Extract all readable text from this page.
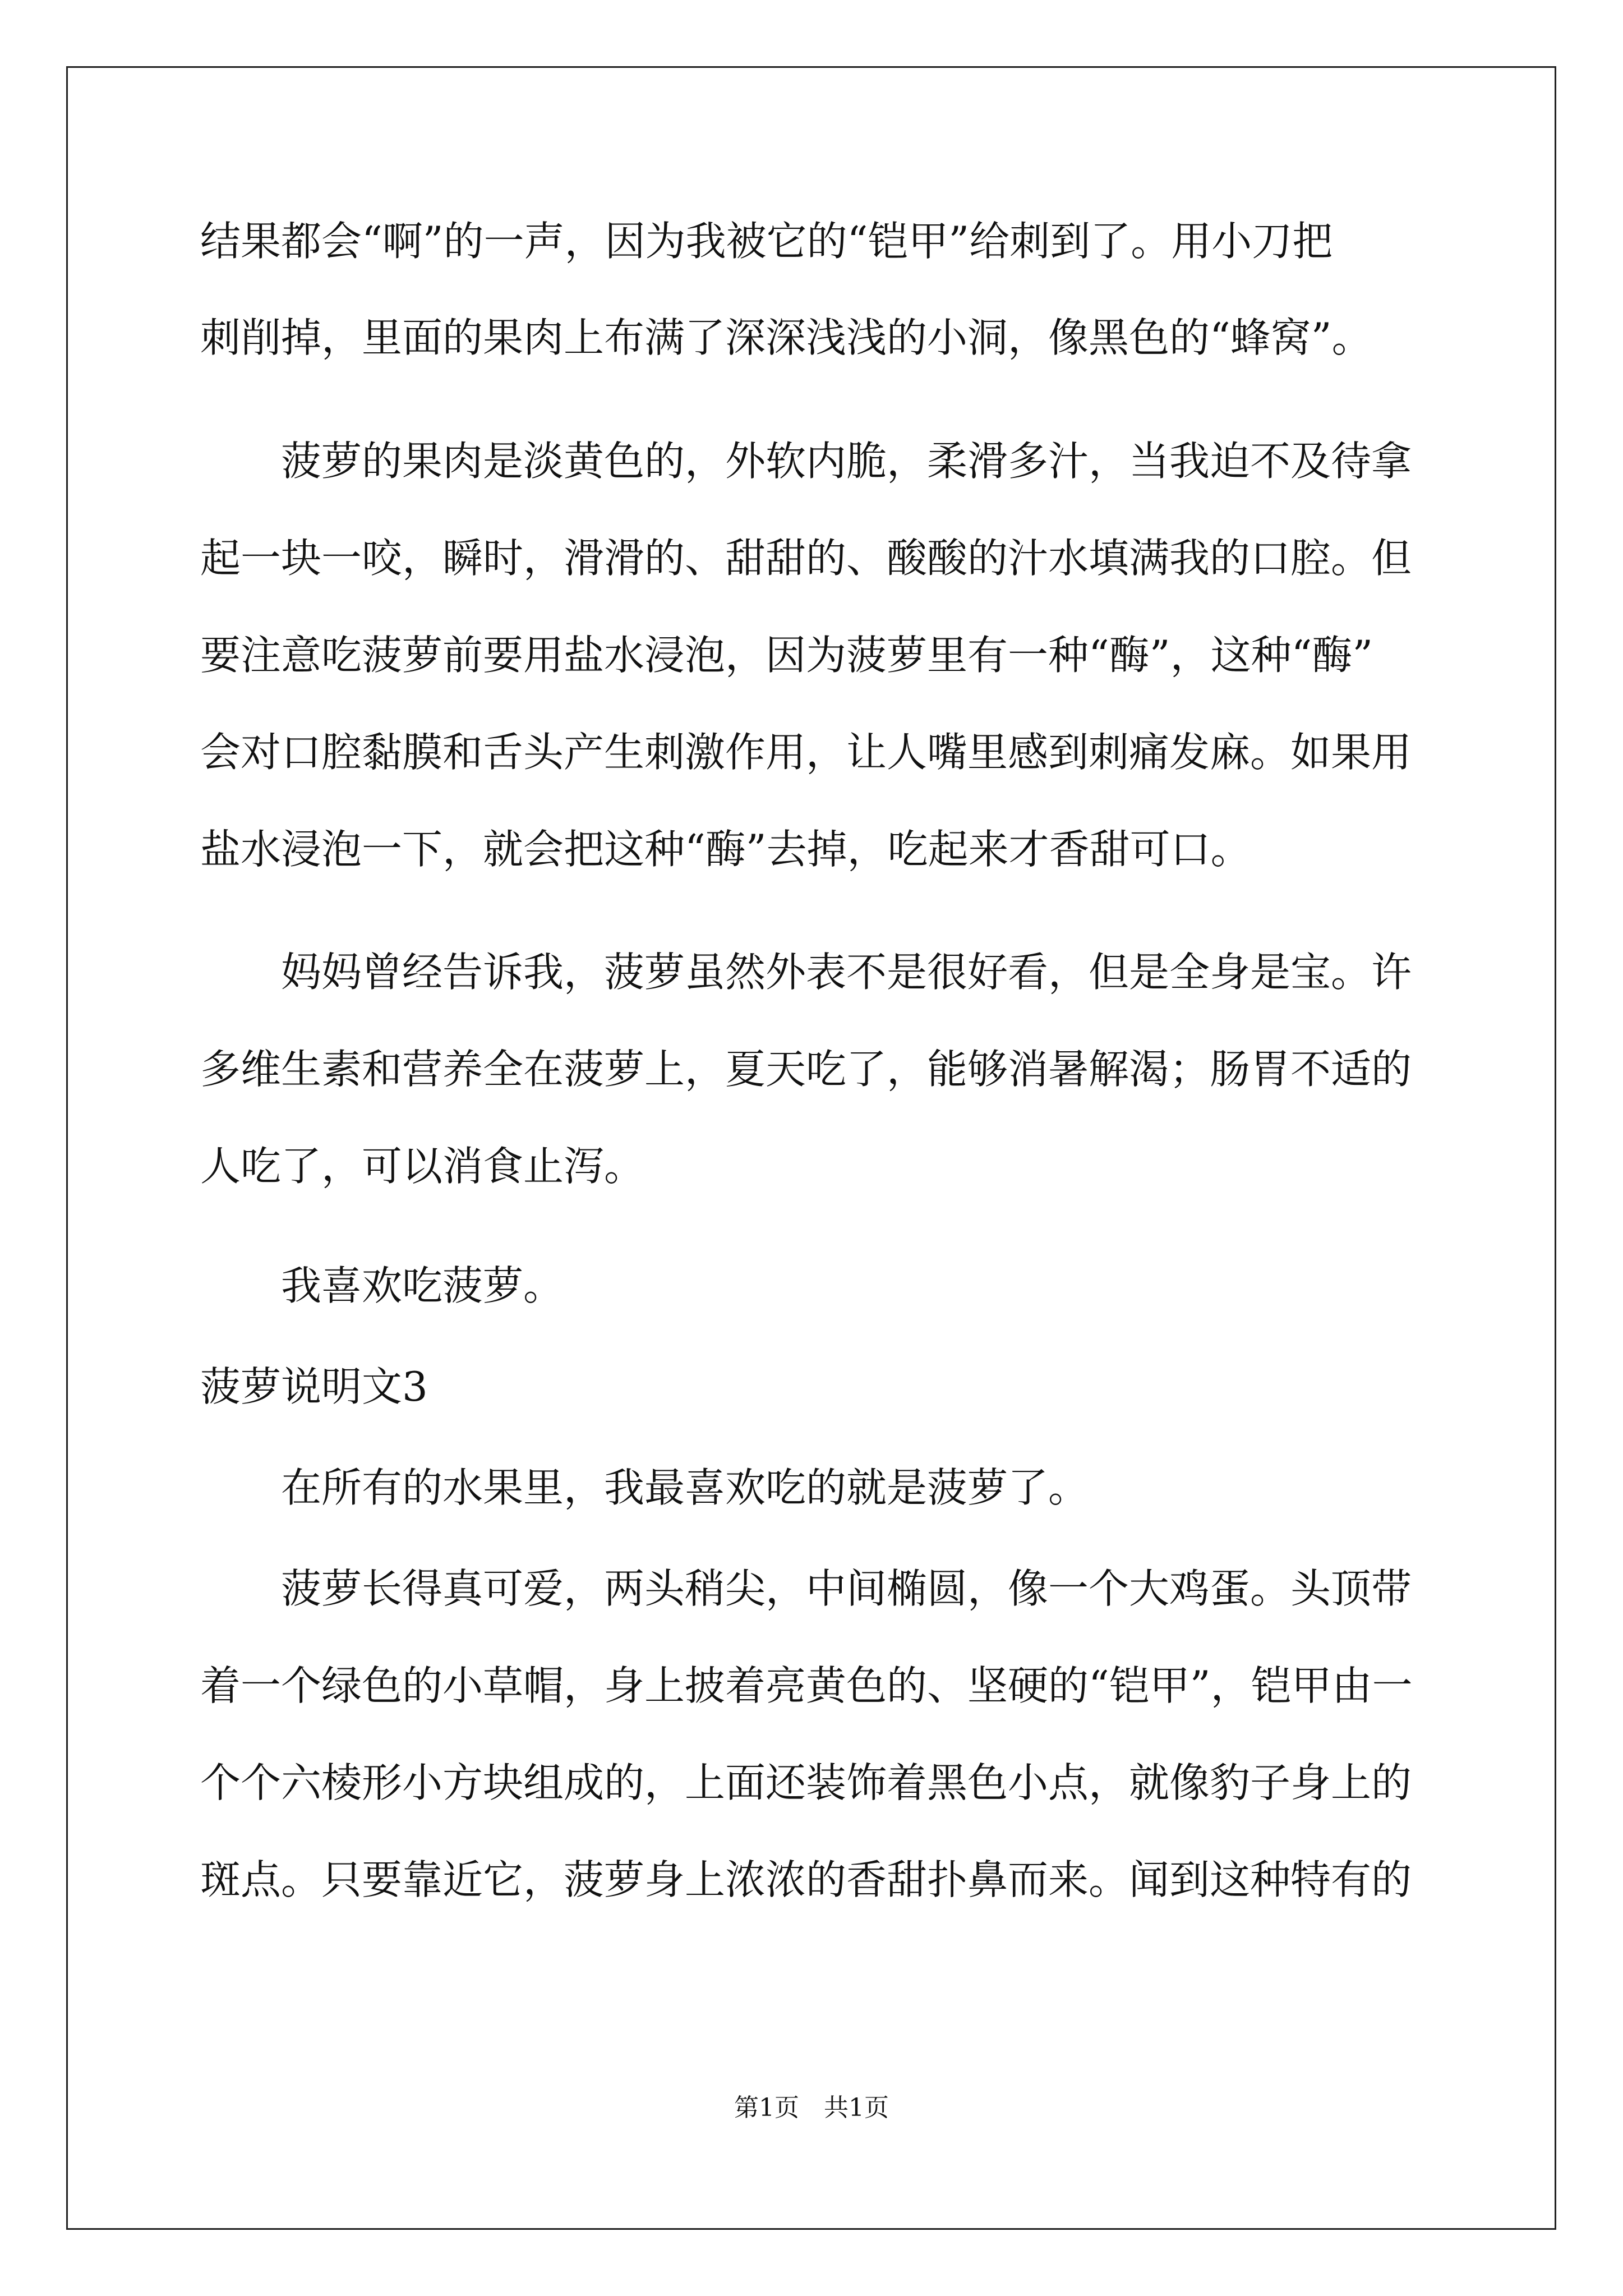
结果都会“啊”的一声，因为我被它的“铠甲”给刺到了。用小刀把
刺削掉，里面的果肉上布满了深深浅浅的小洞，像黑色的“蜂窝”。
菠萝的果肉是淡黄色的，外软内脆，柔滑多汁，当我迫不及待拿
起一块一咬，瞬时，滑滑的、甜甜的、酸酸的汁水填满我的口腔。但
要注意吃菠萝前要用盐水浸泡，因为菠萝里有一种“酶”，这种“酶”
会对口腔黏膜和舌头产生刺激作用，让人嘴里感到刺痛发麻。如果用
盐水浸泡一下，就会把这种“酶”去掉，吃起来才香甜可口。
妈妈曾经告诉我，菠萝虽然外表不是很好看，但是全身是宝。许
多维生素和营养全在菠萝上，夏天吃了，能够消暑解渴；肠胃不适的
人吃了，可以消食止泻。
我喜欢吃菠萝。
菠萝说明文3
在所有的水果里，我最喜欢吃的就是菠萝了。
菠萝长得真可爱，两头稍尖，中间椭圆，像一个大鸡蛋。头顶带
着一个绿色的小草帽，身上披着亮黄色的、坚硬的“铠甲”，铠甲由一
个个六棱形小方块组成的，上面还装饰着黑色小点，就像豹子身上的
斑点。只要靠近它，菠萝身上浓浓的香甜扑鼻而来。闻到这种特有的
第1页　共1页
